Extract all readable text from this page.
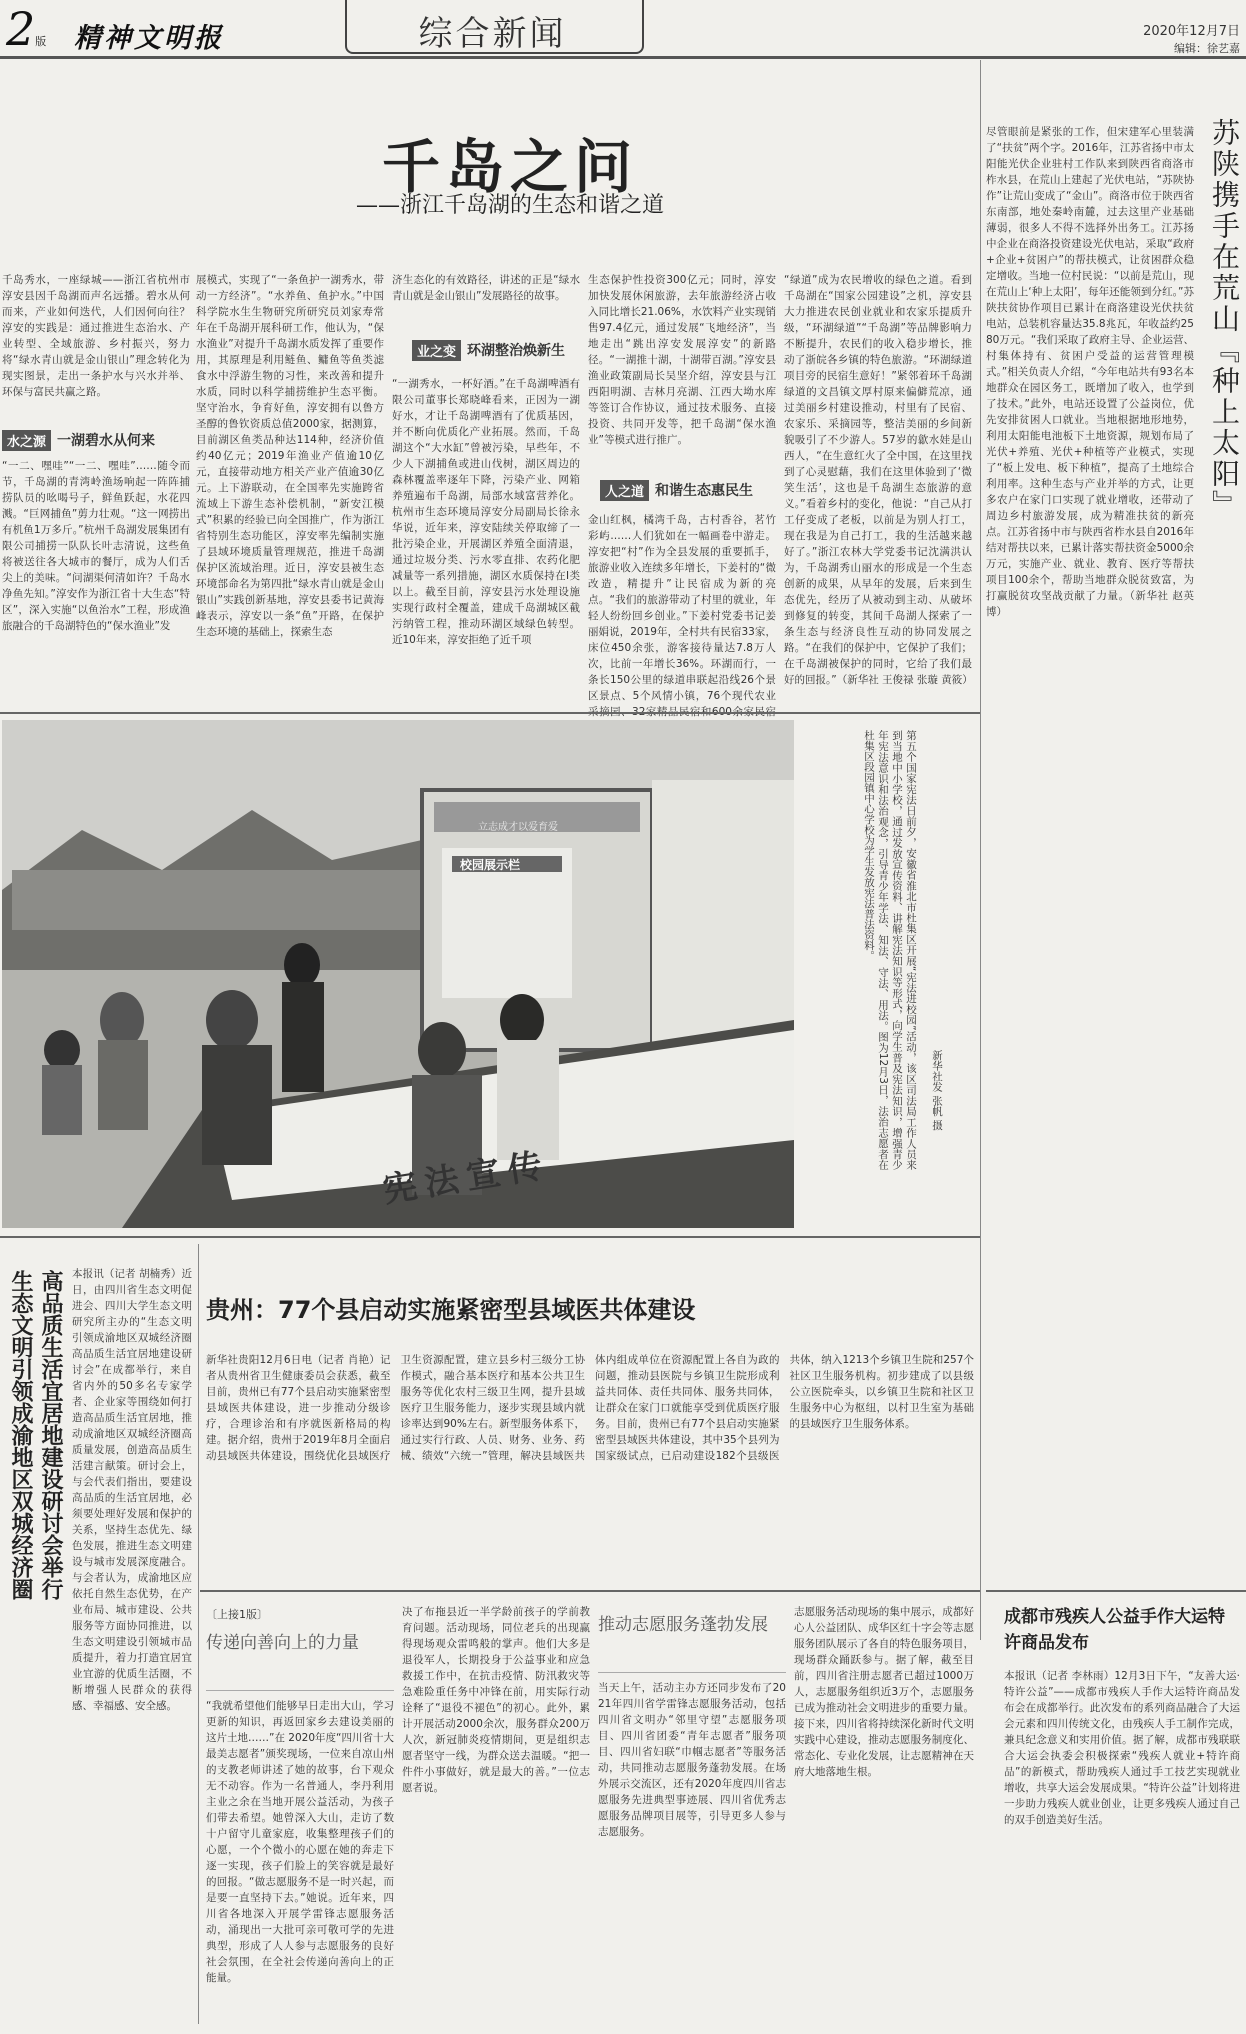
2版 精神文明报	综合新闻	2020年12月7日
编辑：徐艺嘉
千岛之问
——浙江千岛湖的生态和谐之道
千岛秀水，一座绿城——浙江省杭州市淳安县因千岛湖而声名远播。碧水从何而来，产业如何迭代，人们因何向往？淳安的实践是：通过推进生态治水、产业转型、全域旅游、乡村振兴，努力将“绿水青山就是金山银山”理念转化为现实图景，走出一条护水与兴水并举、环保与富民共赢之路。
水之源 一湖碧水从何来
“一二、嘿哇”“一二、嘿哇”……随令而节，千岛湖的青湾岭渔场响起一阵阵捕捞队员的吆喝号子，鲜鱼跃起，水花四溅。“巨网捕鱼”剪力壮观。“这一网捞出有机鱼1万多斤。”杭州千岛湖发展集团有限公司捕捞一队队长叶志清说，这些鱼将被送往各大城市的餐厅，成为人们舌尖上的美味。“问湖渠何清如许？千岛水净鱼先知。”淳安作为浙江省十大生态“特区”，深入实施“以鱼治水”工程，形成渔旅融合的千岛湖特色的“保水渔业”发
展模式，实现了“一条鱼护一湖秀水，带动一方经济”。“水养鱼、鱼护水。”中国科学院水生生物研究所研究员刘家寿常年在千岛湖开展科研工作，他认为，“保水渔业”对提升千岛湖水质发挥了重要作用，其原理是利用鲢鱼、鳙鱼等鱼类滤食水中浮游生物的习性，来改善和提升水质，同时以科学捕捞维护生态平衡。坚守治水，争育好鱼，淳安拥有以鲁方圣醇的鲁钦资质总值2000家，据测算，目前湖区鱼类品种达114种，经济价值约40亿元；2019年渔业产值逾10亿元，直接带动地方相关产业产值逾30亿元。上下游联动，在全国率先实施跨省流域上下游生态补偿机制，“新安江模式”积累的经验已向全国推广，作为浙江省特别生态功能区，淳安率先编制实施了县域环境质量管理规范，推进千岛湖保护区流域治理。近日，淳安县被生态环境部命名为第四批“绿水青山就是金山银山”实践创新基地，淳安县委书记黄海峰表示，淳安以一条“鱼”开路，在保护生态环境的基础上，探索生态
济生态化的有效路径，讲述的正是“绿水青山就是金山银山”发展路径的故事。
业之变 环湖整治焕新生
“一湖秀水，一杯好酒。”在千岛湖啤酒有限公司董事长郑晓峰看来，正因为一湖好水，才让千岛湖啤酒有了优质基因，并不断向优质化产业拓展。然而，千岛湖这个“大水缸”曾被污染，早些年，不少人下湖捕鱼或进山伐树，湖区周边的森林覆盖率逐年下降，污染产业、网箱养殖遍布千岛湖，局部水域富营养化。杭州市生态环境局淳安分局副局长徐永华说，近年来，淳安陆续关停取缔了一批污染企业，开展湖区养殖全面清退，通过垃圾分类、污水零直排、农药化肥减量等一系列措施，湖区水质保持在Ⅰ类以上。截至目前，淳安县污水处理设施实现行政村全覆盖，建成千岛湖城区截污纳管工程，推动环湖区域绿色转型。近10年来，淳安拒绝了近千项
生态保护性投资300亿元；同时，淳安加快发展休闲旅游，去年旅游经济占收入同比增长21.06%，水饮料产业实现销售97.4亿元，通过发展“飞地经济”，当地走出“跳出淳安发展淳安”的新路径。“一湖推十湖，十湖带百湖。”淳安县渔业政策副局长吴坚介绍，淳安县与江西阳明湖、吉林月亮湖、江西大坳水库等签订合作协议，通过技术服务、直接投资、共同开发等，把千岛湖“保水渔业”等模式进行推广。
人之道 和谐生态惠民生
金山红枫，橘湾千岛，古村香谷，茗竹彩屿……人们犹如在一幅画卷中游走。淳安把“村”作为全县发展的重要抓手，旅游业收入连续多年增长，下姜村的“微改造，精提升”让民宿成为新的亮点。“我们的旅游带动了村里的就业，年轻人纷纷回乡创业。”下姜村党委书记姜丽娟说，2019年，全村共有民宿33家，床位450余张，游客接待量达7.8万人次，比前一年增长36%。环湖而行，一条长150公里的绿道串联起沿线26个景区景点、5个风情小镇，76个现代农业
“绿道”成为农民增收的绿色之道。看到千岛湖在“国家公园建设”之机，淳安县大力推进农民创业就业和农家乐提质升级，“环湖绿道”“千岛湖”等品牌影响力不断提升，农民们的收入稳步增长，推动了浙皖各乡镇的特色旅游。“环湖绿道项目旁的民宿生意好！”紧邻着环千岛湖绿道的文昌镇文厚村原来偏僻荒凉，通过美丽乡村建设推动，村里有了民宿、农家乐、采摘园等，整洁美丽的乡间新貌吸引了不少游人。57岁的歙水娃是山西人，“在生意红火了全中国，在这里找到了心灵慰藉，我们在这里体验到了‘微笑生活’，这也是千岛湖生态旅游的意义。”看着乡村的变化，他说：“自己从打工仔变成了老板，以前是为别人打工，现在我是为自己打工，我的生活越来越好了。”浙江农林大学党委书记沈满洪认为，千岛湖秀山丽水的形成是一个生态创新的成果，从早年的发展，后来到生态优先，经历了从被动到主动、从破坏到修复的转变，其间千岛湖人探索了一条生态与经济良性互动的协同发展之路。“在我们的保护中，它保护了我们；在千岛湖被保护的同时，它给了我们最好的回报。”（新华社 王俊禄 张璇 黄筱）
立志成才以爱育爱
校园展示栏
宪法宣传
第五个国家宪法日前夕，安徽省淮北市杜集区开展“宪法进校园”活动，该区司法局工作人员来到当地中小学校，通过发放宣传资料、讲解宪法知识等形式，向学生普及宪法知识，增强青少年宪法意识和法治观念，引导青少年学法、知法、守法、用法。图为12月3日，法治志愿者在杜集区段园镇中心学校为学生发放宪法普法资料。
新华社发 张帆 摄
苏陕携手在荒山『种上太阳』
尽管眼前是紧张的工作，但宋建军心里装满了“扶贫”两个字。2016年，江苏省扬中市太阳能光伏企业驻村工作队来到陕西省商洛市柞水县，在荒山上建起了光伏电站，“苏陕协作”让荒山变成了“金山”。商洛市位于陕西省东南部，地处秦岭南麓，过去这里产业基础薄弱，很多人不得不选择外出务工。江苏扬中企业在商洛投资建设光伏电站，采取“政府+企业+贫困户”的帮扶模式，让贫困群众稳定增收。当地一位村民说：“以前是荒山，现在荒山上‘种上太阳’，每年还能领到分红。”苏陕扶贫协作项目已累计在商洛建设光伏扶贫电站，总装机容量达35.8兆瓦，年收益约2580万元。“我们采取了政府主导、企业运营、村集体持有、贫困户受益的运营管理模式。”相关负责人介绍，“今年电站共有93名本地群众在园区务工，既增加了收入，也学到了技术。”此外，电站还设置了公益岗位，优先安排贫困人口就业。当地根据地形地势，利用太阳能电池板下土地资源，规划布局了光伏+养殖、光伏+种植等产业模式，实现了“板上发电、板下种植”，提高了土地综合利用率。这种生态与产业并举的方式，让更多农户在家门口实现了就业增收，还带动了周边乡村旅游发展，成为精准扶贫的新亮点。江苏省扬中市与陕西省柞水县自2016年结对帮扶以来，已累计落实帮扶资金5000余万元，实施产业、就业、教育、医疗等帮扶项目100余个，帮助当地群众脱贫致富，为打赢脱贫攻坚战贡献了力量。（新华社 赵英博）
高品质生活宜居地建设研讨会举行
生态文明引领成渝地区双城经济圈	本报讯（记者 胡楠秀）近日，由四川省生态文明促进会、四川大学生态文明研究所主办的“生态文明引领成渝地区双城经济圈高品质生活宜居地建设研讨会”在成都举行，来自省内外的50多名专家学者、企业家等围绕如何打造高品质生活宜居地，推动成渝地区双城经济圈高质量发展，创造高品质生活建言献策。研讨会上，与会代表们指出，要建设高品质的生活宜居地，必须要处理好发展和保护的关系，坚持生态优先、绿色发展，推进生态文明建设与城市发展深度融合。与会者认为，成渝地区应依托自然生态优势，在产业布局、城市建设、公共服务等方面协同推进，以生态文明建设引领城市品质提升，着力打造宜居宜业宜游的优质生活圈，不断增强人民群众的获得感、幸福感、安全感。
贵州：77个县启动实施紧密型县域医共体建设
新华社贵阳12月6日电（记者 肖艳）记者从贵州省卫生健康委员会获悉，截至目前，贵州已有77个县启动实施紧密型县域医共体建设，进一步推动分级诊疗，合理诊治和有序就医新格局的构建。据介绍，贵州于2019年8月全面启动县域医共体建设，围绕优化县域医疗卫生资源配置，建立县乡村三级分工协作模式，融合基本医疗和基本公共卫生服务等优化农村三级卫生网，提升县域医疗卫生服务能力，逐步实现县域内就诊率达到90%左右。新型服务体系下，通过实行行政、人员、财务、业务、药械、绩效“六统一”管理，解决县域医共体内组成单位在资源配置上各自为政的问题，推动县医院与乡镇卫生院形成利益共同体、责任共同体、服务共同体，让群众在家门口就能享受到优质医疗服务。目前，贵州已有77个县启动实施紧密型县域医共体建设，其中35个县列为国家级试点，已启动建设182个县级医共体，纳入1213个乡镇卫生院和257个社区卫生服务机构。初步建成了以县级公立医院牵头，以乡镇卫生院和社区卫生服务中心为枢纽，以村卫生室为基础的县域医疗卫生服务体系。
〔上接1版〕
传递向善向上的力量
“我就希望他们能够早日走出大山，学习更新的知识，再返回家乡去建设美丽的这片土地……”在 2020年度“四川省十大最美志愿者”颁奖现场，一位来自凉山州的支教老师讲述了她的故事，台下观众无不动容。作为一名普通人，李丹利用主业之余在当地开展公益活动，为孩子们带去希望。她曾深入大山，走访了数十户留守儿童家庭，收集整理孩子们的心愿，一个个微小的心愿在她的奔走下逐一实现，孩子们脸上的笑容就是最好的回报。“做志愿服务不是一时兴起，而是要一直坚持下去。”她说。近年来，四川省各地深入开展学雷锋志愿服务活动，涌现出一大批可亲可敬可学的先进典型，形成了人人参与志愿服务的良好社会氛围，在全社会传递向善向上的正能量。
决了布拖县近一半学龄前孩子的学前教育问题。活动现场，同位老兵的出现赢得现场观众雷鸣般的掌声。他们大多是退役军人，长期投身于公益事业和应急救援工作中，在抗击疫情、防汛救灾等急难险重任务中冲锋在前，用实际行动诠释了“退役不褪色”的初心。此外，累计开展活动2000余次，服务群众200万人次，新冠肺炎疫情期间，更是组织志愿者坚守一线，为群众送去温暖。“把一件件小事做好，就是最大的善。”一位志愿者说。
推动志愿服务蓬勃发展
当天上午，活动主办方还同步发布了2021年四川省学雷锋志愿服务活动，包括四川省文明办“邻里守望”志愿服务项目、四川省团委“青年志愿者”服务项目、四川省妇联“巾帼志愿者”等服务活动，共同推动志愿服务蓬勃发展。在场外展示交流区，还有2020年度四川省志愿服务先进典型事迹展、四川省优秀志愿服务品牌项目展等，引导更多人参与志愿服务。
志愿服务活动现场的集中展示，成都好心人公益团队、成华区红十字会等志愿服务团队展示了各自的特色服务项目，现场群众踊跃参与。据了解，截至目前，四川省注册志愿者已超过1000万人，志愿服务组织近3万个，志愿服务已成为推动社会文明进步的重要力量。接下来，四川省将持续深化新时代文明实践中心建设，推动志愿服务制度化、常态化、专业化发展，让志愿精神在天府大地落地生根。
成都市残疾人公益手作大运特许商品发布
本报讯（记者 李林雨）12月3日下午，“友善大运·特许公益”——成都市残疾人手作大运特许商品发布会在成都举行。此次发布的系列商品融合了大运会元素和四川传统文化，由残疾人手工制作完成，兼具纪念意义和实用价值。据了解，成都市残联联合大运会执委会积极探索“残疾人就业+特许商品”的新模式，帮助残疾人通过手工技艺实现就业增收，共享大运会发展成果。“特许公益”计划将进一步助力残疾人就业创业，让更多残疾人通过自己的双手创造美好生活。
